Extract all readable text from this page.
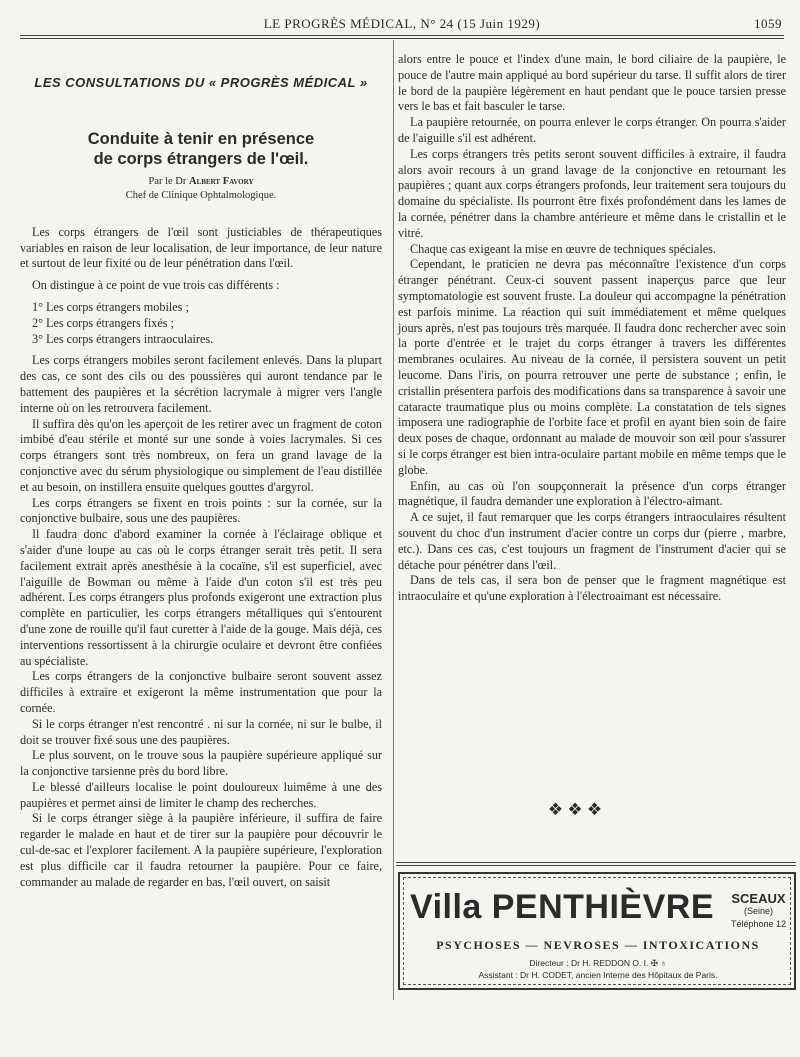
LE PROGRÈS MÉDICAL, N° 24 (15 Juin 1929)	1059
LES CONSULTATIONS DU « PROGRÈS MÉDICAL »
Conduite à tenir en présence
de corps étrangers de l'œil.
Par le Dr Albert Favory
Chef de Clinique Ophtalmologique.

Les corps étrangers de l'œil sont justiciables de thérapeutiques variables en raison de leur localisation, de leur importance, de leur nature et surtout de leur fixité ou de leur pénétration dans l'œil.

On distingue à ce point de vue trois cas différents :

1° Les corps étrangers mobiles ;

2° Les corps étrangers fixés ;

3° Les corps étrangers intraoculaires.

Les corps étrangers mobiles seront facilement enlevés. Dans la plupart des cas, ce sont des cils ou des poussières qui auront tendance par le battement des paupières et la sécrétion lacrymale à migrer vers l'angle interne où on les retrouvera facilement.

Il suffira dès qu'on les aperçoit de les retirer avec un fragment de coton imbibé d'eau stérile et monté sur une sonde à voies lacrymales. Si ces corps étrangers sont très nombreux, on fera un grand lavage de la conjonctive avec du sérum physiologique ou simplement de l'eau distillée et au besoin, on instillera ensuite quelques gouttes d'argyrol.

Les corps étrangers se fixent en trois points : sur la cornée, sur la conjonctive bulbaire, sous une des paupières.

Il faudra donc d'abord examiner la cornée à l'éclairage oblique et s'aider d'une loupe au cas où le corps étranger serait très petit. Il sera facilement extrait après anesthésie à la cocaïne, s'il est superficiel, avec l'aiguille de Bowman ou même à l'aide d'un coton s'il est très peu adhérent. Les corps étrangers plus profonds exigeront une extraction plus complète en particulier, les corps étrangers métalliques qui s'entourent d'une zone de rouille qu'il faut curetter à l'aide de la gouge. Mais déjà, ces interventions ressortissent à la chirurgie oculaire et devront être confiées au spécialiste.

Les corps étrangers de la conjonctive bulbaire seront souvent assez difficiles à extraire et exigeront la même instrumentation que pour la cornée.

Si le corps étranger n'est rencontré . ni sur la cornée, ni sur le bulbe, il doit se trouver fixé sous une des paupières.

Le plus souvent, on le trouve sous la paupière supérieure appliqué sur la conjonctive tarsienne près du bord libre.

Le blessé d'ailleurs localise le point douloureux luimême à une des paupières et permet ainsi de limiter le champ des recherches.

Si le corps étranger siège à la paupière inférieure, il suffira de faire regarder le malade en haut et de tirer sur la paupière pour découvrir le cul-de-sac et l'explorer facilement. A la paupière supérieure, l'exploration est plus difficile car il faudra retourner la paupière. Pour ce faire, commander au malade de regarder en bas, l'œil ouvert, on saisit

alors entre le pouce et l'index d'une main, le bord ciliaire de la paupière, le pouce de l'autre main appliqué au bord supérieur du tarse. Il suffit alors de tirer le bord de la paupière légèrement en haut pendant que le pouce tarsien presse vers le bas et fait basculer le tarse.

La paupière retournée, on pourra enlever le corps étranger. On pourra s'aider de l'aiguille s'il est adhérent.

Les corps étrangers très petits seront souvent difficiles à extraire, il faudra alors avoir recours à un grand lavage de la conjonctive en retournant les paupières ; quant aux corps étrangers profonds, leur traitement sera toujours du domaine du spécialiste. Ils pourront être fixés profondément dans les lames de la cornée, pénétrer dans la chambre antérieure et même dans le cristallin et le vitré.

Chaque cas exigeant la mise en œuvre de techniques spéciales.

Cependant, le praticien ne devra pas méconnaître l'existence d'un corps étranger pénétrant. Ceux-ci souvent passent inaperçus parce que leur symptomatologie est souvent fruste. La douleur qui accompagne la pénétration est parfois minime. La réaction qui suit immédiatement et même quelques jours après, n'est pas toujours très marquée. Il faudra donc rechercher avec soin la porte d'entrée et le trajet du corps étranger à travers les différentes membranes oculaires. Au niveau de la cornée, il persistera souvent un petit leucome. Dans l'iris, on pourra retrouver une perte de substance ; enfin, le cristallin présentera parfois des modifications dans sa transparence à savoir une cataracte traumatique plus ou moins complète. La constatation de tels signes imposera une radiographie de l'orbite face et profil en ayant bien soin de faire deux poses de chaque, ordonnant au malade de mouvoir son œil pour s'assurer si le corps étranger est bien intra-oculaire partant mobile en même temps que le globe.

Enfin, au cas où l'on soupçonnerait la présence d'un corps étranger magnétique, il faudra demander une exploration à l'électro-aimant.

A ce sujet, il faut remarquer que les corps étrangers intraoculaires résultent souvent du choc d'un instrument d'acier contre un corps dur (pierre , marbre, etc.). Dans ces cas, c'est toujours un fragment de l'instrument d'acier qui se détache pour pénétrer dans l'œil.

Dans de tels cas, il sera bon de penser que le fragment magnétique est intraoculaire et qu'une exploration à l'électroaimant est nécessaire.

❖ ❖ ❖
Villa PENTHIÈVRE SCEAUX
(Seine)
Téléphone 12
PSYCHOSES — NEVROSES — INTOXICATIONS
Directeur : Dr H. REDDON O. I. ✠ ♁
Assistant : Dr H. CODET, ancien Interne des Hôpitaux de Paris.
